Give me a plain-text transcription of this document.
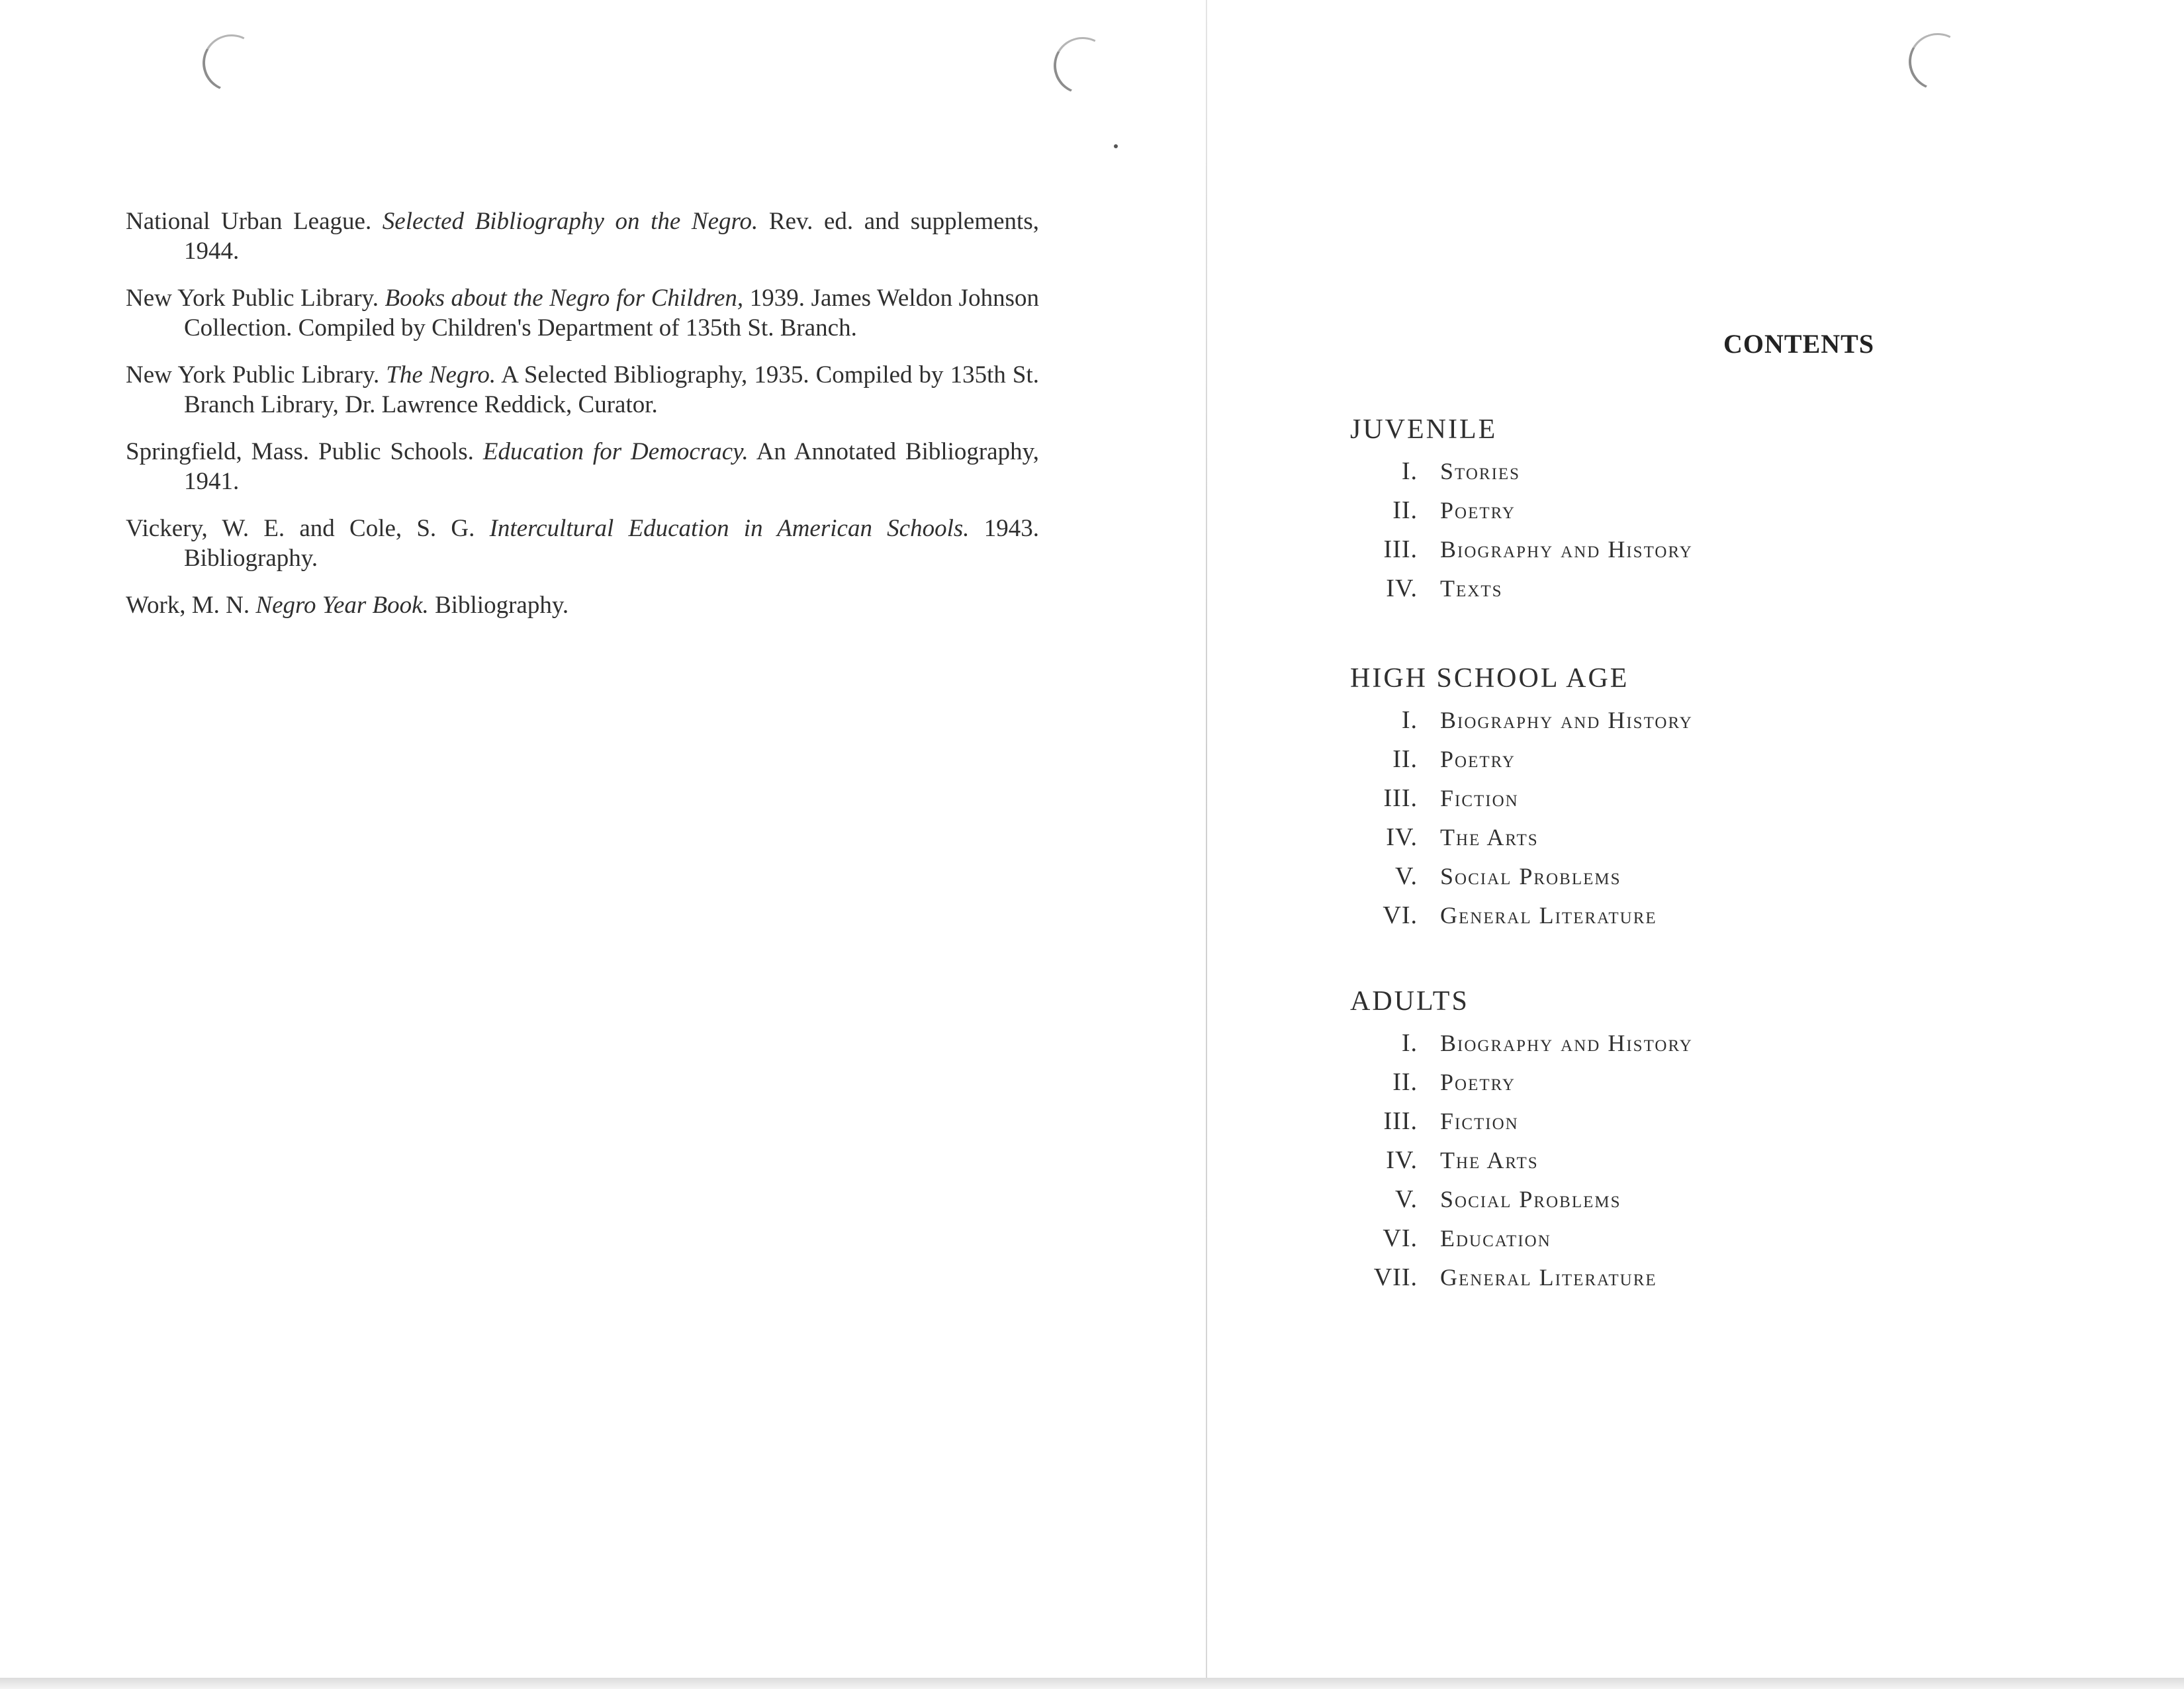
National Urban League. Selected Bibliography on the Negro. Rev. ed. and supplements, 1944.
New York Public Library. Books about the Negro for Children, 1939. James Weldon Johnson Collection. Compiled by Children's Department of 135th St. Branch.
New York Public Library. The Negro. A Selected Bibliography, 1935. Compiled by 135th St. Branch Library, Dr. Lawrence Reddick, Curator.
Springfield, Mass. Public Schools. Education for Democracy. An Annotated Bibliography, 1941.
Vickery, W. E. and Cole, S. G. Intercultural Education in American Schools. 1943. Bibliography.
Work, M. N. Negro Year Book. Bibliography.
CONTENTS
JUVENILE
I. Stories
II. Poetry
III. Biography and History
IV. Texts
HIGH SCHOOL AGE
I. Biography and History
II. Poetry
III. Fiction
IV. The Arts
V. Social Problems
VI. General Literature
ADULTS
I. Biography and History
II. Poetry
III. Fiction
IV. The Arts
V. Social Problems
VI. Education
VII. General Literature
